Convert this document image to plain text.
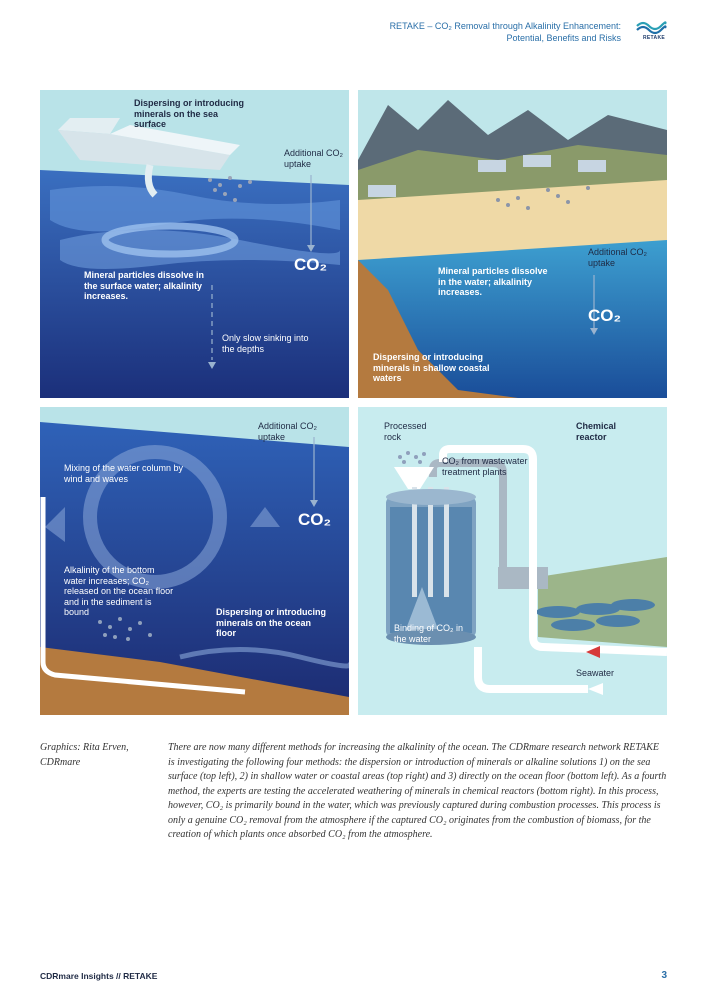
RETAKE – CO₂ Removal through Alkalinity Enhancement:
Potential, Benefits and Risks	RETAKE
Dispersing or introducing minerals on the sea surface
Additional CO₂ uptake
CO₂
Mineral particles dissolve in the surface water; alkalinity increases.
Only slow sinking into the depths
Additional CO₂ uptake
Mineral particles dissolve in the water; alkalinity increases.
CO₂
Dispersing or introducing minerals in shallow coastal waters
Additional CO₂ uptake
Mixing of the water column by wind and waves
CO₂
Alkalinity of the bottom water increases; CO₂ released on the ocean floor and in the sediment is bound	Dispersing or introducing minerals on the ocean floor
Processed rock
Chemical reactor
CO₂ from wastewater treatment plants
Binding of CO₂ in the water
Seawater
Graphics: Rita Erven, CDRmare
There are now many different methods for increasing the alkalinity of the ocean. The CDRmare research network RETAKE is investigating the following four methods: the dispersion or introduction of minerals or alkaline solutions 1) on the sea surface (top left), 2) in shallow water or coastal areas (top right) and 3) directly on the ocean floor (bottom left). As a fourth method, the experts are testing the accelerated weathering of minerals in chemical reactors (bottom right). In this process, however, CO₂ is primarily bound in the water, which was previously captured during combustion processes. This process is only a genuine CO₂ removal from the atmosphere if the captured CO₂ originates from the combustion of biomass, for the creation of which plants once absorbed CO₂ from the atmosphere.
CDRmare Insights // RETAKE	3
